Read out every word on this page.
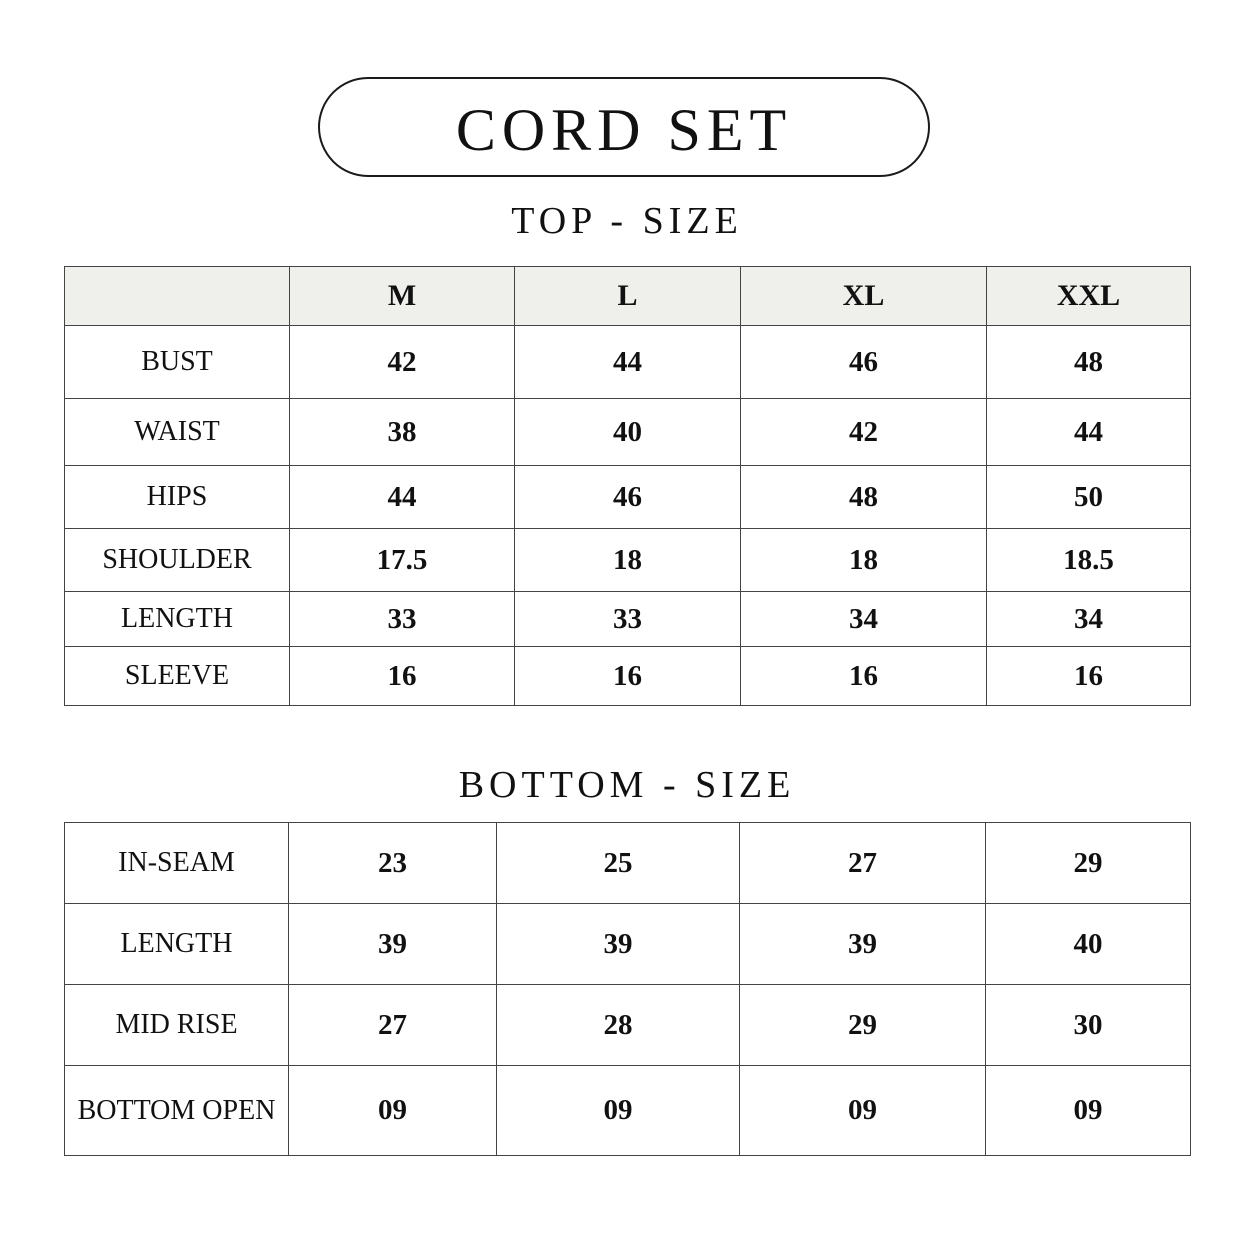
CORD SET
TOP - SIZE
	M	L	XL	XXL
BUST	42	44	46	48
WAIST	38	40	42	44
HIPS	44	46	48	50
SHOULDER	17.5	18	18	18.5
LENGTH	33	33	34	34
SLEEVE	16	16	16	16
BOTTOM - SIZE
IN-SEAM	23	25	27	29
LENGTH	39	39	39	40
MID RISE	27	28	29	30
BOTTOM OPEN	09	09	09	09
